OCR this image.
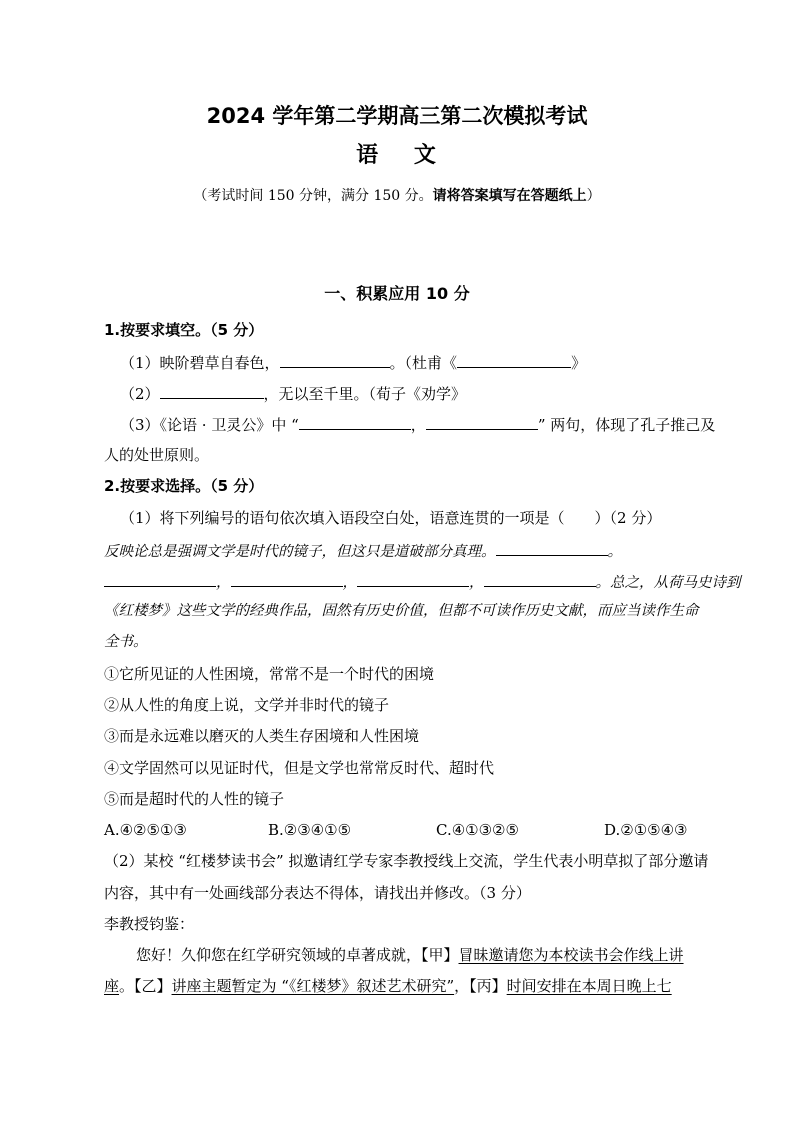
2024 学年第二学期高三第二次模拟考试
语　 文
（考试时间 150 分钟，满分 150 分。请将答案填写在答题纸上）
一、积累应用 10 分
1.按要求填空。（5 分）
（1）映阶碧草自春色，	。（杜甫《	》
（2）	，无以至千里。（荀子《劝学》
（3）《论语 · 卫灵公》中 “	，	” 两句，体现了孔子推己及
人的处世原则。
2.按要求选择。（5 分）
（1）将下列编号的语句依次填入语段空白处，语意连贯的一项是（　　）（2 分）
反映论总是强调文学是时代的镜子，但这只是道破部分真理。	。
，	，	，	。总之，从荷马史诗到
《红楼梦》这些文学的经典作品，固然有历史价值，但都不可读作历史文献，而应当读作生命
全书。
①它所见证的人性困境，常常不是一个时代的困境
②从人性的角度上说，文学并非时代的镜子
③而是永远难以磨灭的人类生存困境和人性困境
④文学固然可以见证时代，但是文学也常常反时代、超时代
⑤而是超时代的人性的镜子
A.④②⑤①③	B.②③④①⑤	C.④①③②⑤	D.②①⑤④③
（2）某校 “红楼梦读书会” 拟邀请红学专家李教授线上交流，学生代表小明草拟了部分邀请
内容，其中有一处画线部分表达不得体，请找出并修改。（3 分）
李教授钧鉴：
您好！久仰您在红学研究领域的卓著成就，【甲】冒昧邀请您为本校读书会作线上讲
座。【乙】讲座主题暂定为 “《红楼梦》叙述艺术研究”，【丙】时间安排在本周日晚上七
